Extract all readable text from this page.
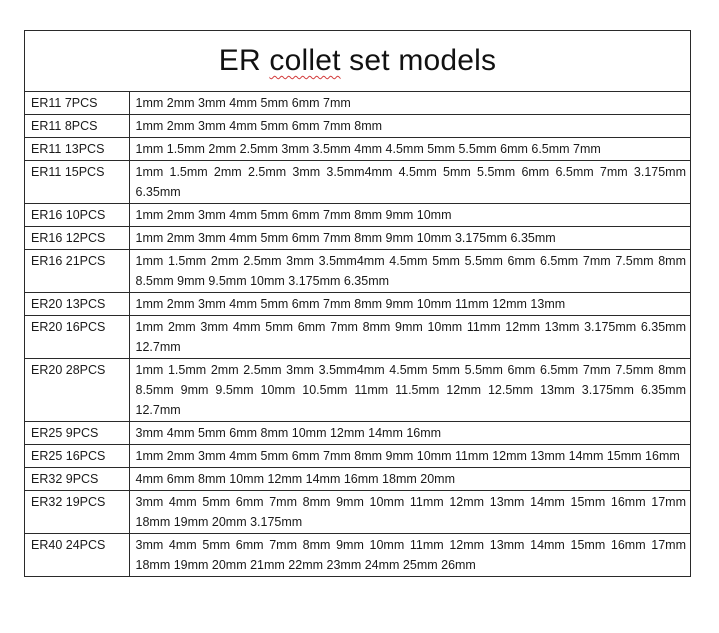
ER collet set models
ER11 7PCS	1mm 2mm 3mm 4mm 5mm 6mm 7mm
ER11 8PCS	1mm 2mm 3mm 4mm 5mm 6mm 7mm 8mm
ER11 13PCS	1mm 1.5mm 2mm 2.5mm 3mm 3.5mm 4mm 4.5mm 5mm 5.5mm 6mm 6.5mm 7mm
ER11 15PCS	1mm 1.5mm 2mm 2.5mm 3mm 3.5mm4mm 4.5mm 5mm 5.5mm 6mm 6.5mm 7mm 3.175mm 6.35mm
ER16 10PCS	1mm 2mm 3mm 4mm 5mm 6mm 7mm 8mm 9mm 10mm
ER16 12PCS	1mm 2mm 3mm 4mm 5mm 6mm 7mm 8mm 9mm 10mm 3.175mm 6.35mm
ER16 21PCS	1mm 1.5mm 2mm 2.5mm 3mm 3.5mm4mm 4.5mm 5mm 5.5mm 6mm 6.5mm 7mm 7.5mm 8mm 8.5mm 9mm 9.5mm 10mm 3.175mm 6.35mm
ER20 13PCS	1mm 2mm 3mm 4mm 5mm 6mm 7mm 8mm 9mm 10mm 11mm 12mm 13mm
ER20 16PCS	1mm 2mm 3mm 4mm 5mm 6mm 7mm 8mm 9mm 10mm 11mm 12mm 13mm 3.175mm 6.35mm 12.7mm
ER20 28PCS	1mm 1.5mm 2mm 2.5mm 3mm 3.5mm4mm 4.5mm 5mm 5.5mm 6mm 6.5mm 7mm 7.5mm 8mm 8.5mm 9mm 9.5mm 10mm 10.5mm 11mm 11.5mm 12mm 12.5mm 13mm 3.175mm 6.35mm 12.7mm
ER25 9PCS	3mm 4mm 5mm 6mm 8mm 10mm 12mm 14mm 16mm
ER25 16PCS	1mm 2mm 3mm 4mm 5mm 6mm 7mm 8mm 9mm 10mm 11mm 12mm 13mm 14mm 15mm 16mm
ER32 9PCS	4mm 6mm 8mm 10mm 12mm 14mm 16mm 18mm 20mm
ER32 19PCS	3mm 4mm 5mm 6mm 7mm 8mm 9mm 10mm 11mm 12mm 13mm 14mm 15mm 16mm 17mm 18mm 19mm 20mm 3.175mm
ER40 24PCS	3mm 4mm 5mm 6mm 7mm 8mm 9mm 10mm 11mm 12mm 13mm 14mm 15mm 16mm 17mm 18mm 19mm 20mm 21mm 22mm 23mm 24mm 25mm 26mm
